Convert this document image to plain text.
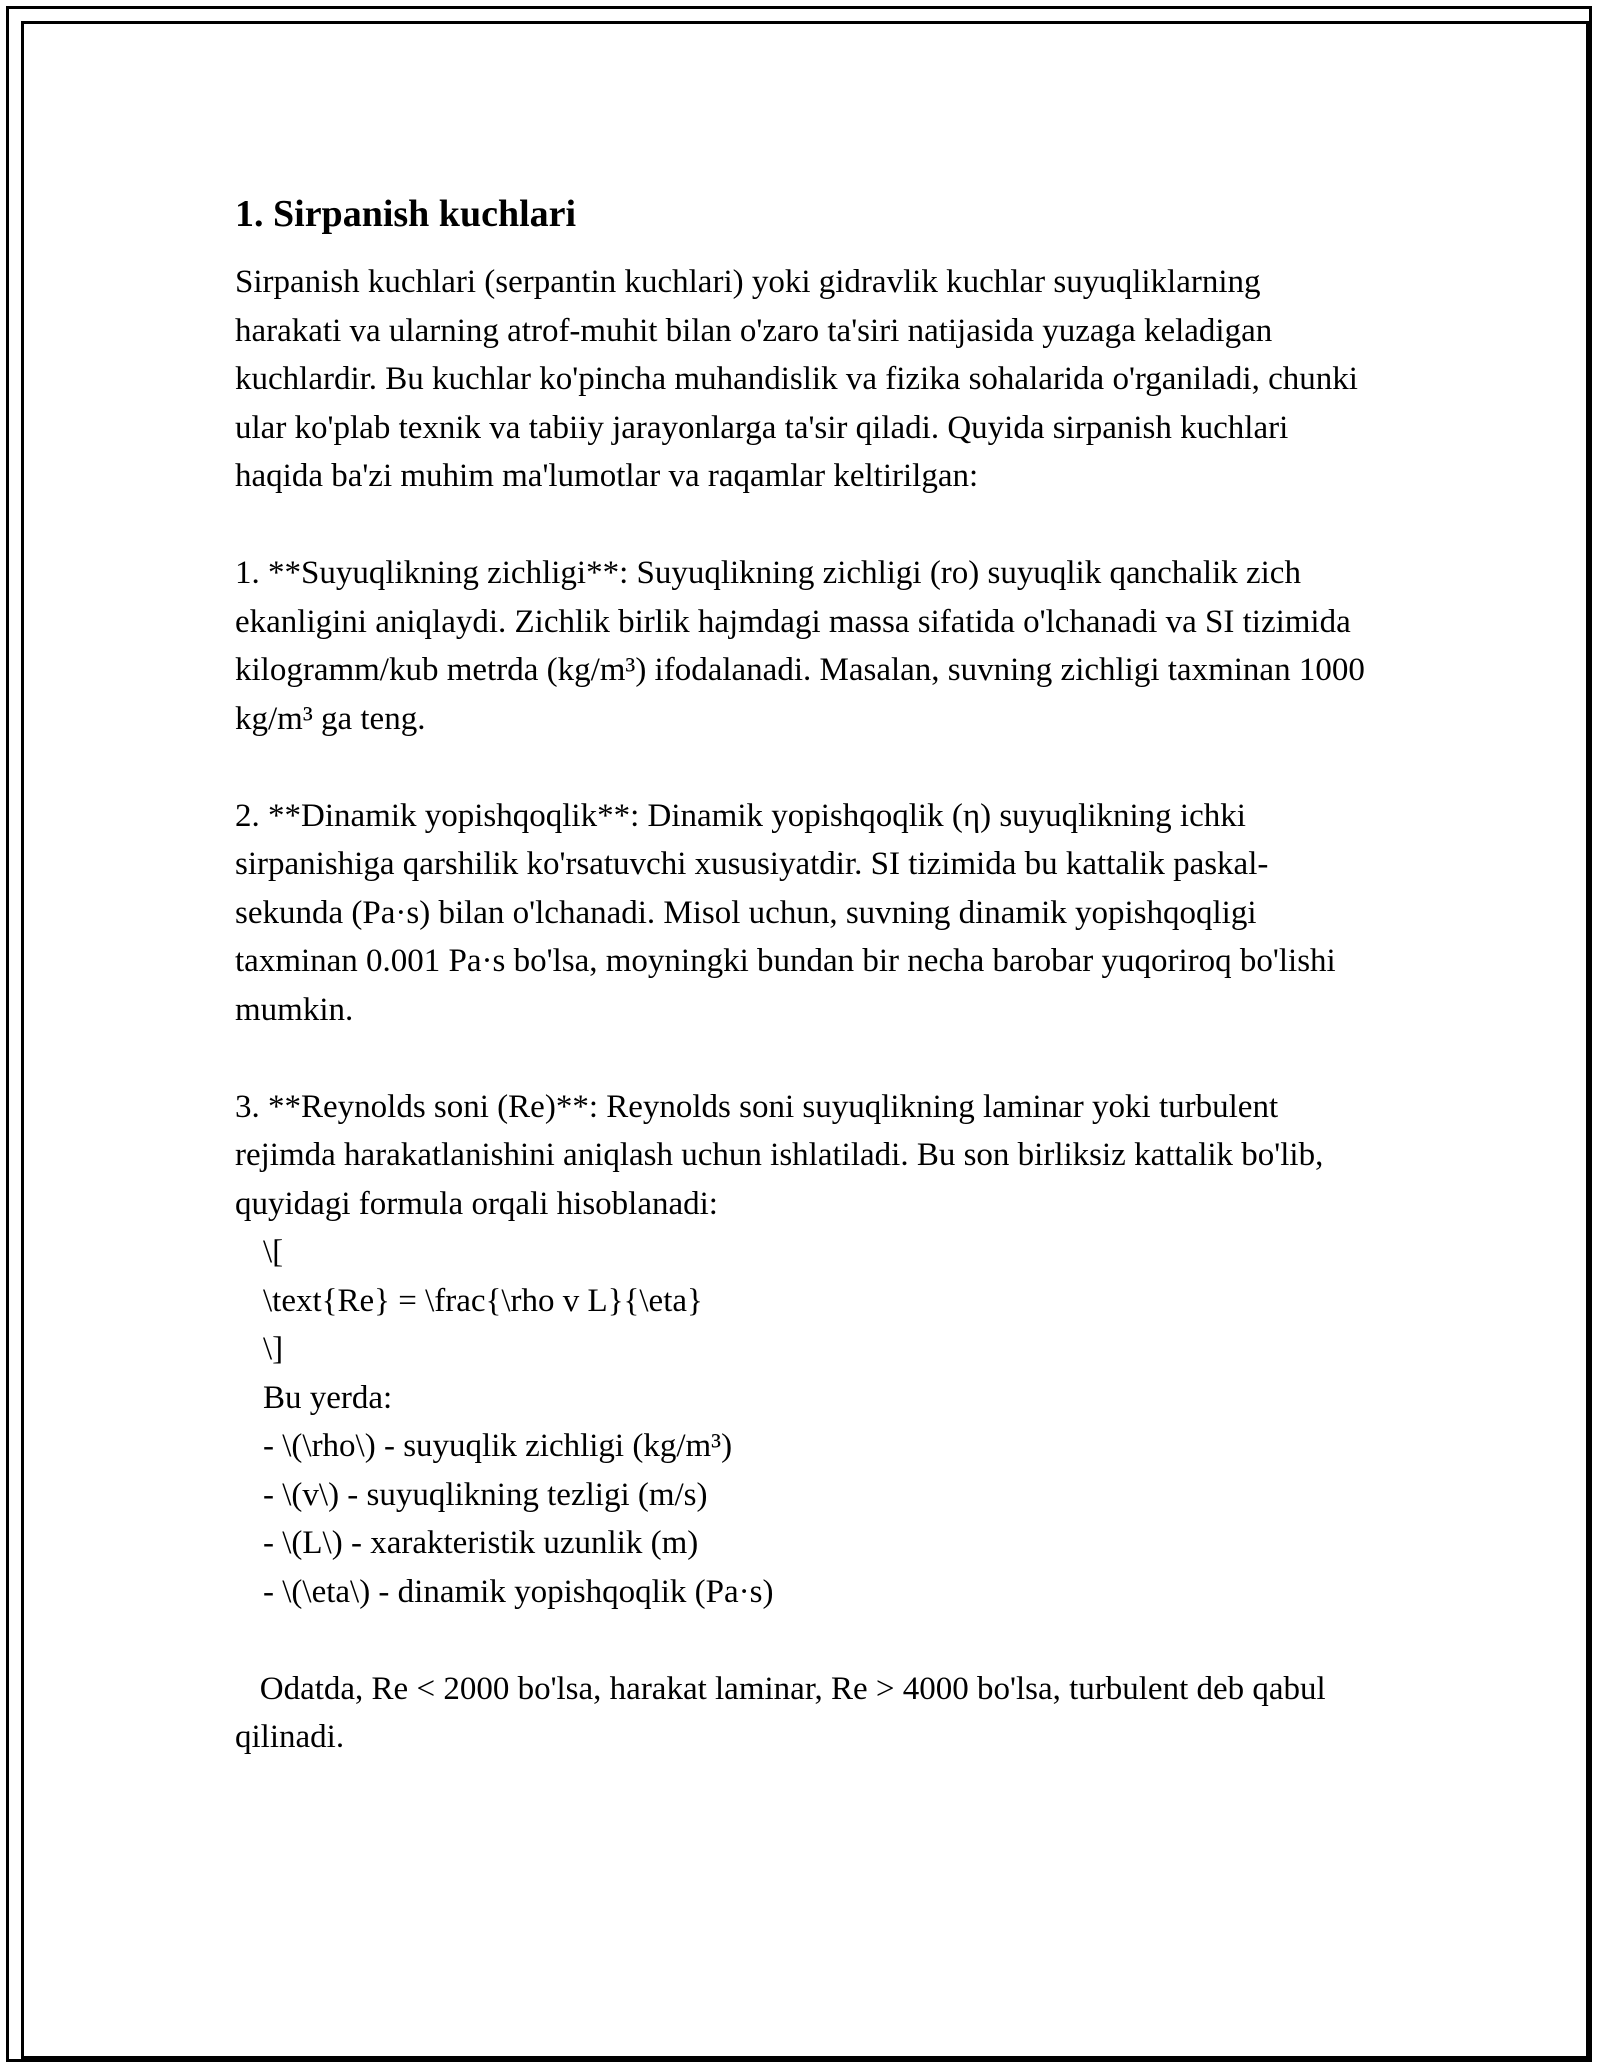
1. Sirpanish kuchlari

Sirpanish kuchlari (serpantin kuchlari) yoki gidravlik kuchlar suyuqliklarning harakati va ularning atrof-muhit bilan o'zaro ta'siri natijasida yuzaga keladigan kuchlardir. Bu kuchlar ko'pincha muhandislik va fizika sohalarida o'rganiladi, chunki ular ko'plab texnik va tabiiy jarayonlarga ta'sir qiladi. Quyida sirpanish kuchlari haqida ba'zi muhim ma'lumotlar va raqamlar keltirilgan:

1. **Suyuqlikning zichligi**: Suyuqlikning zichligi (ro) suyuqlik qanchalik zich ekanligini aniqlaydi. Zichlik birlik hajmdagi massa sifatida o'lchanadi va SI tizimida kilogramm/kub metrda (kg/m³) ifodalanadi. Masalan, suvning zichligi taxminan 1000 kg/m³ ga teng.

2. **Dinamik yopishqoqlik**: Dinamik yopishqoqlik (η) suyuqlikning ichki sirpanishiga qarshilik ko'rsatuvchi xususiyatdir. SI tizimida bu kattalik paskal-sekunda (Pa·s) bilan o'lchanadi. Misol uchun, suvning dinamik yopishqoqligi taxminan 0.001 Pa·s bo'lsa, moyningki bundan bir necha barobar yuqoriroq bo'lishi mumkin.

3. **Reynolds soni (Re)**: Reynolds soni suyuqlikning laminar yoki turbulent rejimda harakatlanishini aniqlash uchun ishlatiladi. Bu son birliksiz kattalik bo'lib, quyidagi formula orqali hisoblanadi:

\[
\text{Re} = \frac{\rho v L}{\eta}
\]
Bu yerda:
- \(\rho\) - suyuqlik zichligi (kg/m³)
- \(v\) - suyuqlikning tezligi (m/s)
- \(L\) - xarakteristik uzunlik (m)
- \(\eta\) - dinamik yopishqoqlik (Pa·s)

Odatda, Re < 2000 bo'lsa, harakat laminar, Re > 4000 bo'lsa, turbulent deb qabul qilinadi.
